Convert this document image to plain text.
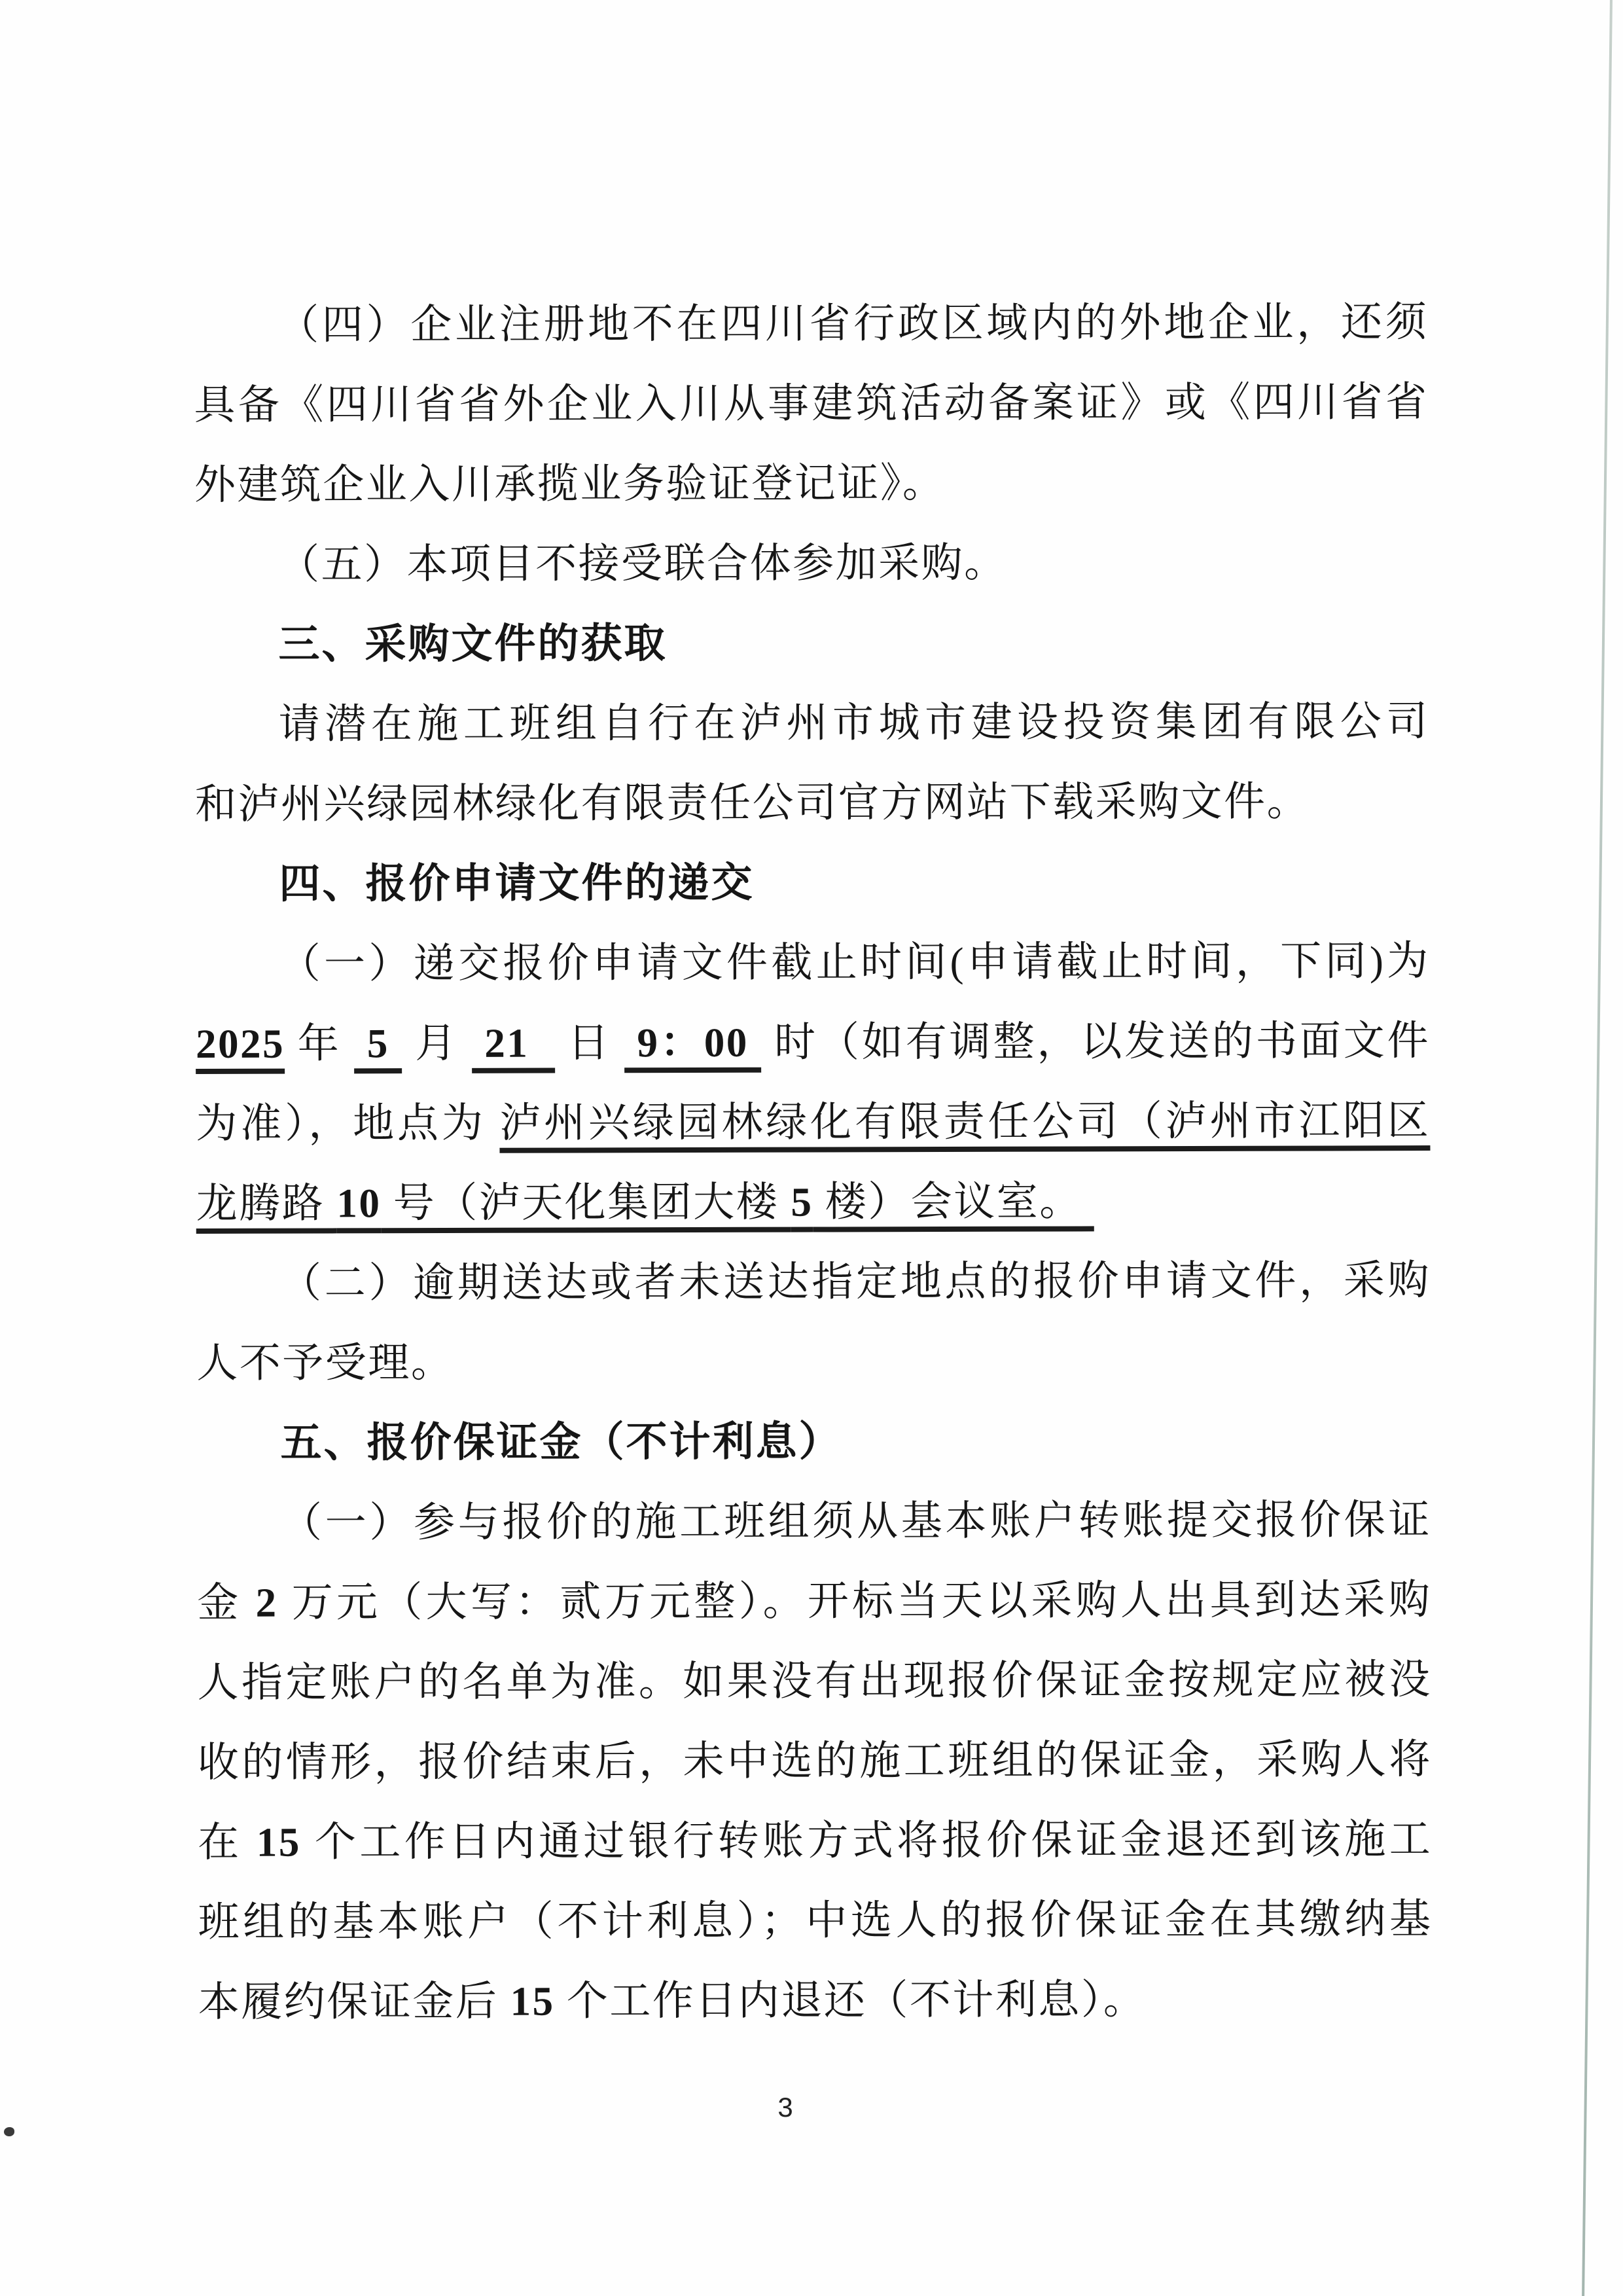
（四）企业注册地不在四川省行政区域内的外地企业，还须
具备《四川省省外企业入川从事建筑活动备案证》或《四川省省
外建筑企业入川承揽业务验证登记证》。
（五）本项目不接受联合体参加采购。
三、采购文件的获取
请潜在施工班组自行在泸州市城市建设投资集团有限公司
和泸州兴绿园林绿化有限责任公司官方网站下载采购文件。
四、报价申请文件的递交
（一）递交报价申请文件截止时间(申请截止时间，下同)为
2025 年  5  月  21   日  9：00  时（如有调整，以发送的书面文件
为准），地点为 泸州兴绿园林绿化有限责任公司（泸州市江阳区
龙腾路 10 号（泸天化集团大楼 5 楼）会议室。
（二）逾期送达或者未送达指定地点的报价申请文件，采购
人不予受理。
五、报价保证金（不计利息）
（一）参与报价的施工班组须从基本账户转账提交报价保证
金 2 万元（大写：贰万元整）。开标当天以采购人出具到达采购
人指定账户的名单为准。如果没有出现报价保证金按规定应被没
收的情形，报价结束后，未中选的施工班组的保证金，采购人将
在 15 个工作日内通过银行转账方式将报价保证金退还到该施工
班组的基本账户（不计利息）；中选人的报价保证金在其缴纳基
本履约保证金后 15 个工作日内退还（不计利息）。
3
